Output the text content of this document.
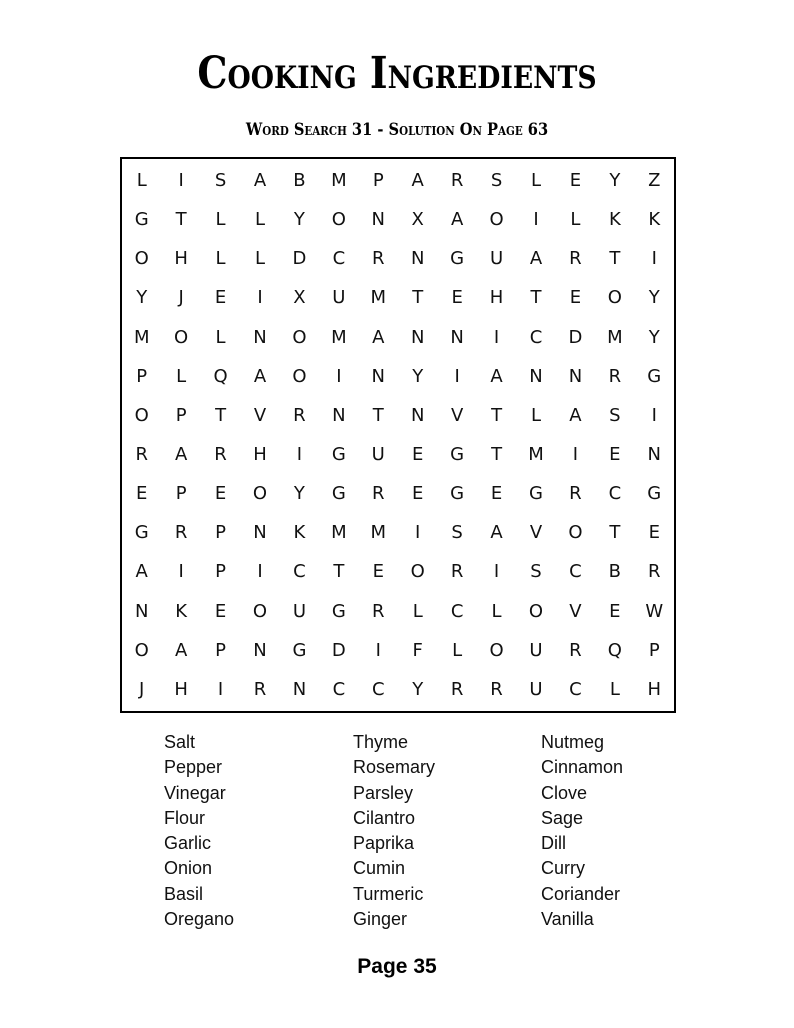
Cooking Ingredients
Word Search 31 - Solution On Page 63
L	I	S	A	B	M	P	A	R	S	L	E	Y	Z
G	T	L	L	Y	O	N	X	A	O	I	L	K	K
O	H	L	L	D	C	R	N	G	U	A	R	T	I
Y	J	E	I	X	U	M	T	E	H	T	E	O	Y
M	O	L	N	O	M	A	N	N	I	C	D	M	Y
P	L	Q	A	O	I	N	Y	I	A	N	N	R	G
O	P	T	V	R	N	T	N	V	T	L	A	S	I
R	A	R	H	I	G	U	E	G	T	M	I	E	N
E	P	E	O	Y	G	R	E	G	E	G	R	C	G
G	R	P	N	K	M	M	I	S	A	V	O	T	E
A	I	P	I	C	T	E	O	R	I	S	C	B	R
N	K	E	O	U	G	R	L	C	L	O	V	E	W
O	A	P	N	G	D	I	F	L	O	U	R	Q	P
J	H	I	R	N	C	C	Y	R	R	U	C	L	H
Salt
Pepper
Vinegar
Flour
Garlic
Onion
Basil
Oregano
Thyme
Rosemary
Parsley
Cilantro
Paprika
Cumin
Turmeric
Ginger
Nutmeg
Cinnamon
Clove
Sage
Dill
Curry
Coriander
Vanilla
Page 35
